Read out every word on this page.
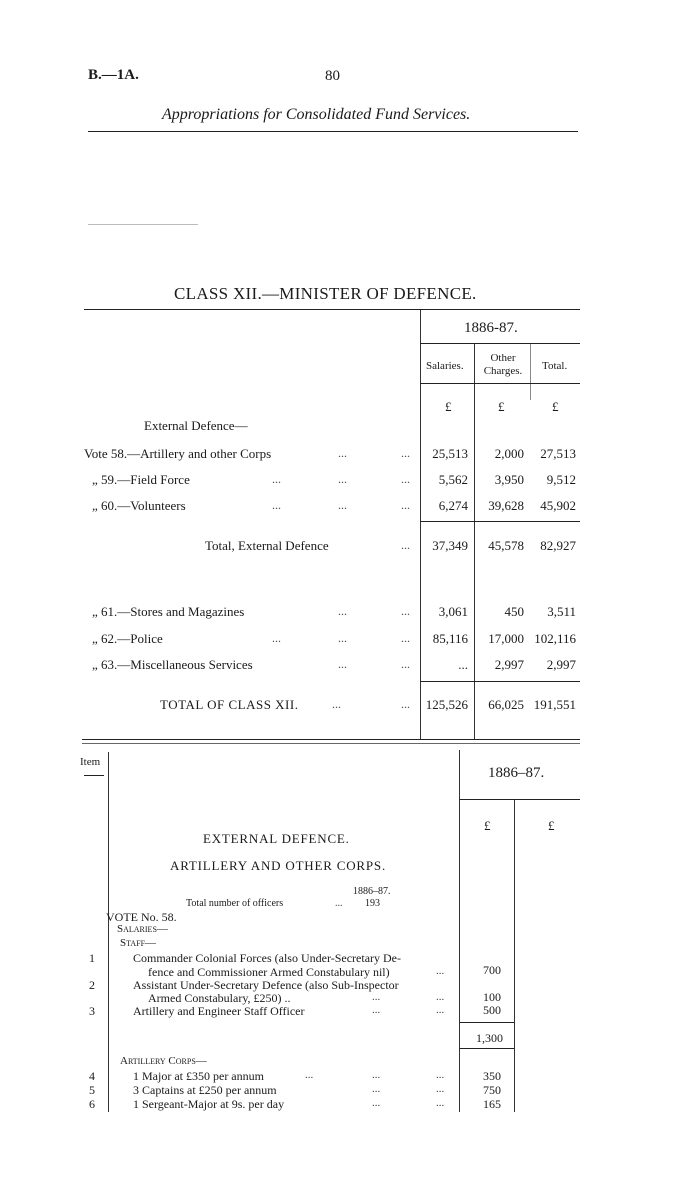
B.—1A.	80
Appropriations for Consolidated Fund Services.
CLASS XII.—MINISTER OF DEFENCE.
1886-87.
Salaries.
Other
Charges.	Total.
£	£	£
External Defence—
Vote 58.—Artillery and other Corps	...	...	25,513	2,000	27,513
„ 59.—Field Force	...	...	...	5,562	3,950	9,512
„ 60.—Volunteers	...	...	...	6,274	39,628	45,902
Total, External Defence	...	37,349	45,578	82,927
„ 61.—Stores and Magazines	...	...	3,061	450	3,511
„ 62.—Police	...	...	...	85,116	17,000 102,116
„ 63.—Miscellaneous Services	...	...	...	2,997	2,997
TOTAL OF CLASS XII.	...	...	125,526	66,025 191,551
Item
1886–87.
£	£
EXTERNAL DEFENCE.
ARTILLERY AND OTHER CORPS.
1886–87.
Total number of officers	... 193
VOTE No. 58.
Salaries—
Staff—
1	Commander Colonial Forces (also Under-Secretary De-
fence and Commissioner Armed Constabulary nil)	...	700
2	Assistant Under-Secretary Defence (also Sub-Inspector
Armed Constabulary, £250) ..	...	...	100
3	Artillery and Engineer Staff Officer	...	...	500
1,300
Artillery Corps—
4	1 Major at £350 per annum	...	...	...	350
5	3 Captains at £250 per annum	...	...	750
6	1 Sergeant-Major at 9s. per day	...	...	165
